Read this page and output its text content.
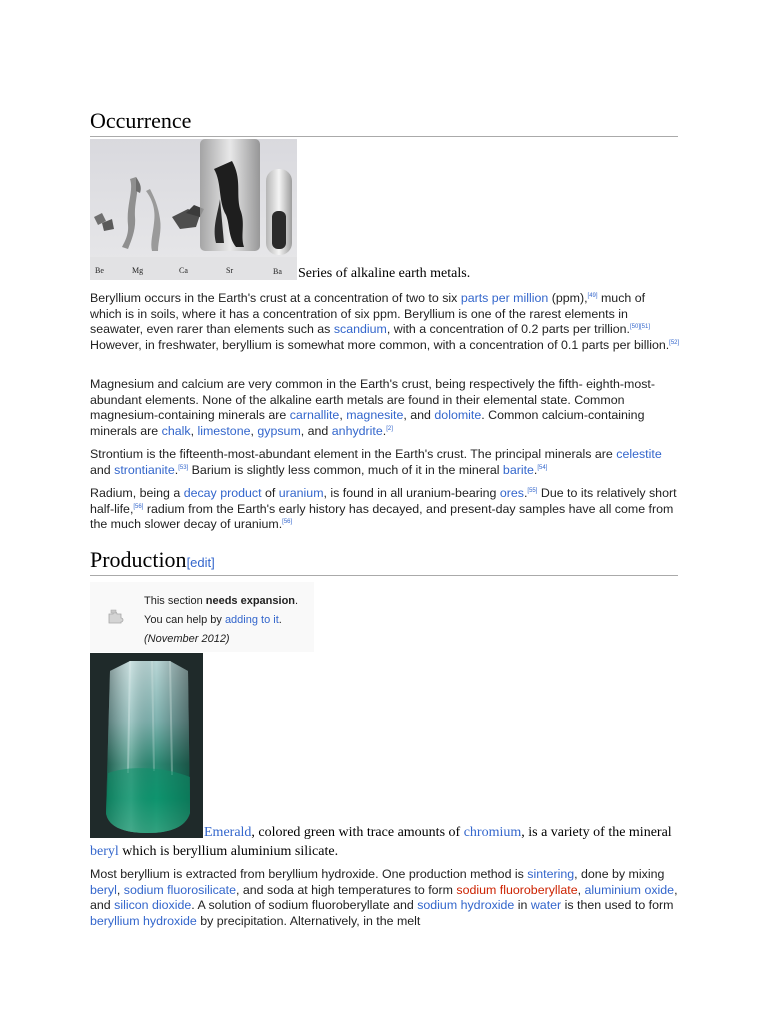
Occurrence
Be	Mg	Ca	Sr	Ba Series of alkaline earth metals.

Beryllium occurs in the Earth's crust at a concentration of two to six parts per million (ppm),[49] much of which is in soils, where it has a concentration of six ppm. Beryllium is one of the rarest elements in seawater, even rarer than elements such as scandium, with a concentration of 0.2 parts per trillion.[50][51] However, in freshwater, beryllium is somewhat more common, with a concentration of 0.1 parts per billion.[52]

Magnesium and calcium are very common in the Earth's crust, being respectively the fifth- eighth-most-abundant elements. None of the alkaline earth metals are found in their elemental state. Common magnesium-containing minerals are carnallite, magnesite, and dolomite. Common calcium-containing minerals are chalk, limestone, gypsum, and anhydrite.[2]

Strontium is the fifteenth-most-abundant element in the Earth's crust. The principal minerals are celestite and strontianite.[53] Barium is slightly less common, much of it in the mineral barite.[54]

Radium, being a decay product of uranium, is found in all uranium-bearing ores.[55] Due to its relatively short half-life,[56] radium from the Earth's early history has decayed, and present-day samples have all come from the much slower decay of uranium.[56]

Production[edit]
This section needs expansion. You can help by adding to it. (November 2012)
Emerald, colored green with trace amounts of chromium, is a variety of the mineral
beryl which is beryllium aluminium silicate.

Most beryllium is extracted from beryllium hydroxide. One production method is sintering, done by mixing beryl, sodium fluorosilicate, and soda at high temperatures to form sodium fluoroberyllate, aluminium oxide, and silicon dioxide. A solution of sodium fluoroberyllate and sodium hydroxide in water is then used to form beryllium hydroxide by precipitation. Alternatively, in the melt
